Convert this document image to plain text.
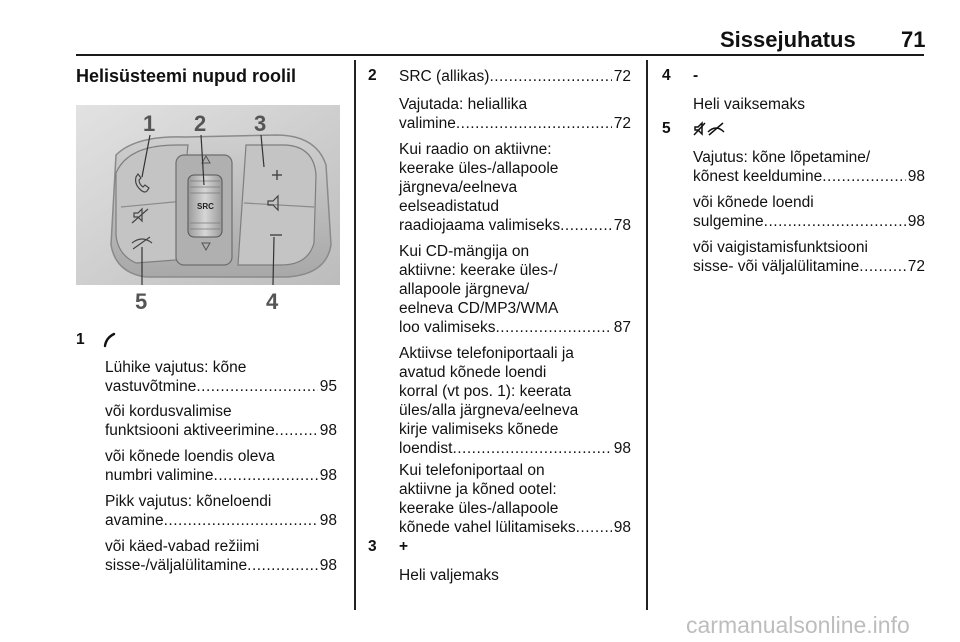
Sissejuhatus 71
Helisüsteemi nupud roolil
SRC
1 2 3
4
5
1
Lühike vajutus: kõne
vastuvõtmine .....	95
või kordusvalimise
funktsiooni aktiveerimine .....	98
või kõnede loendis oleva
numbri valimine .....	98
Pikk vajutus: kõneloendi
avamine .....	98
või käed-vabad režiimi
sisse-/väljalülitamine .....	98
2 SRC (allikas) .....	72
Vajutada: heliallika
valimine .....	72
Kui raadio on aktiivne:
keerake üles-/allapoole
järgneva/eelneva
eelseadistatud
raadiojaama valimiseks .....	78
Kui CD-mängija on
aktiivne: keerake üles-/
allapoole järgneva/
eelneva CD/MP3/WMA
loo valimiseks .....	87
Aktiivse telefoniportaali ja
avatud kõnede loendi
korral (vt pos. 1): keerata
üles/alla järgneva/eelneva
kirje valimiseks kõnede
loendist .....	98
Kui telefoniportaal on
aktiivne ja kõned ootel:
keerake üles-/allapoole
kõnede vahel lülitamiseks ..... 98
3 +
Heli valjemaks
4 -
Heli vaiksemaks
5
Vajutus: kõne lõpetamine/
kõnest keeldumine .....	98
või kõnede loendi
sulgemine .....	98
või vaigistamisfunktsiooni
sisse- või väljalülitamine .....	72
carmanualsonline.info
